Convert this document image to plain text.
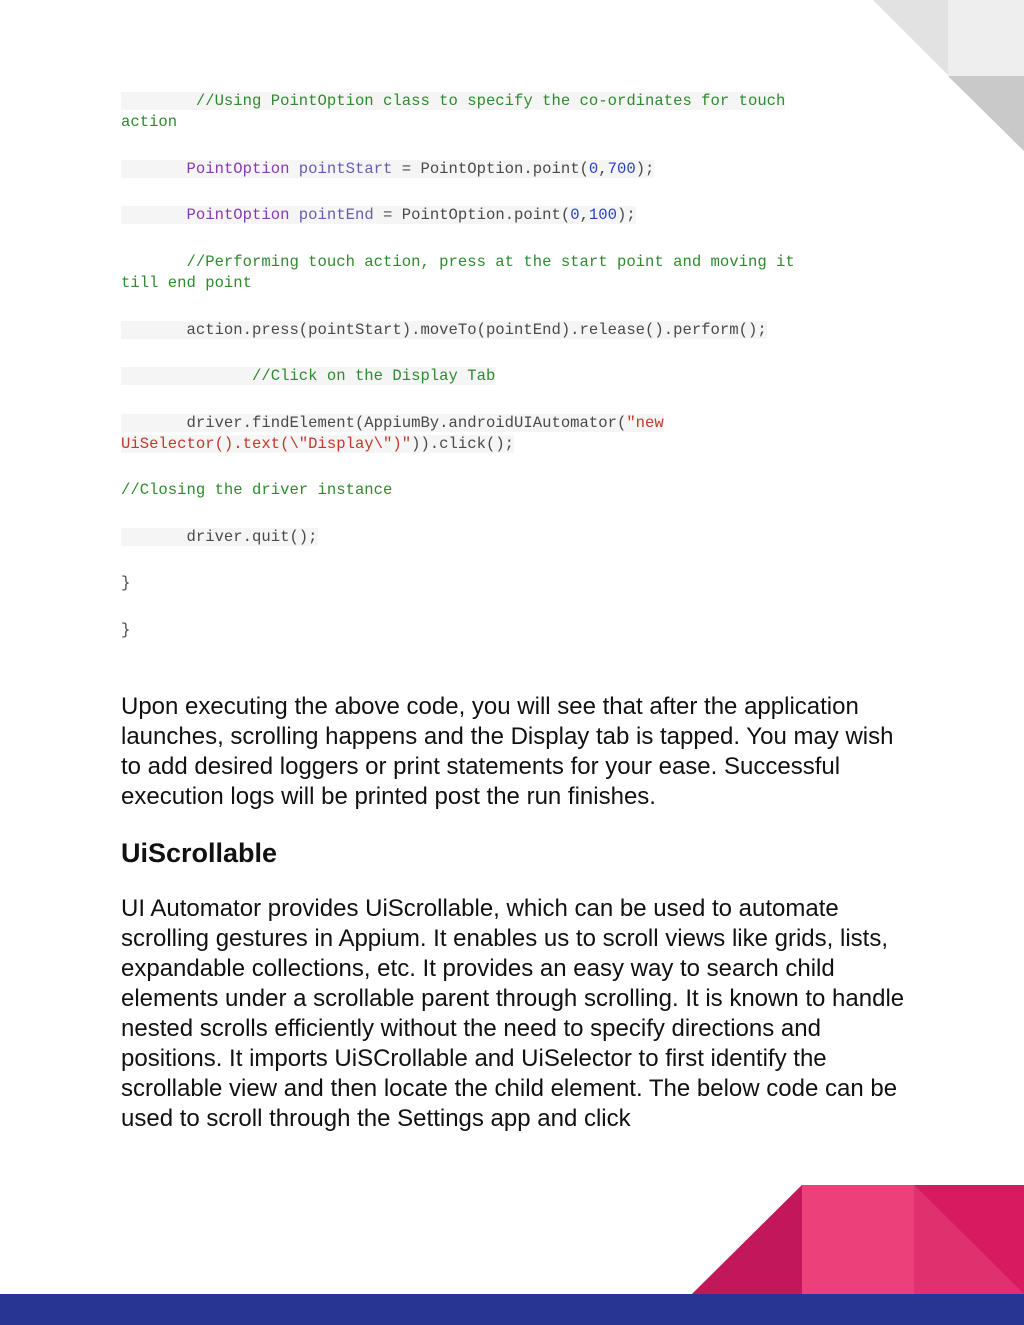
//Using PointOption class to specify the co-ordinates for touch
action
PointOption pointStart = PointOption.point(0,700);
PointOption pointEnd = PointOption.point(0,100);
//Performing touch action, press at the start point and moving it
till end point
action.press(pointStart).moveTo(pointEnd).release().perform();
//Click on the Display Tab
driver.findElement(AppiumBy.androidUIAutomator("new
UiSelector().text(\"Display\")")).click();
//Closing the driver instance
driver.quit();
}
}

Upon executing the above code, you will see that after the application launches, scrolling happens and the Display tab is tapped. You may wish to add desired loggers or print statements for your ease. Successful execution logs will be printed post the run finishes.

UiScrollable

UI Automator provides UiScrollable, which can be used to automate scrolling gestures in Appium. It enables us to scroll views like grids, lists, expandable collections, etc. It provides an easy way to search child elements under a scrollable parent through scrolling. It is known to handle nested scrolls efficiently without the need to specify directions and positions. It imports UiSCrollable and UiSelector to first identify the scrollable view and then locate the child element. The below code can be used to scroll through the Settings app and click
